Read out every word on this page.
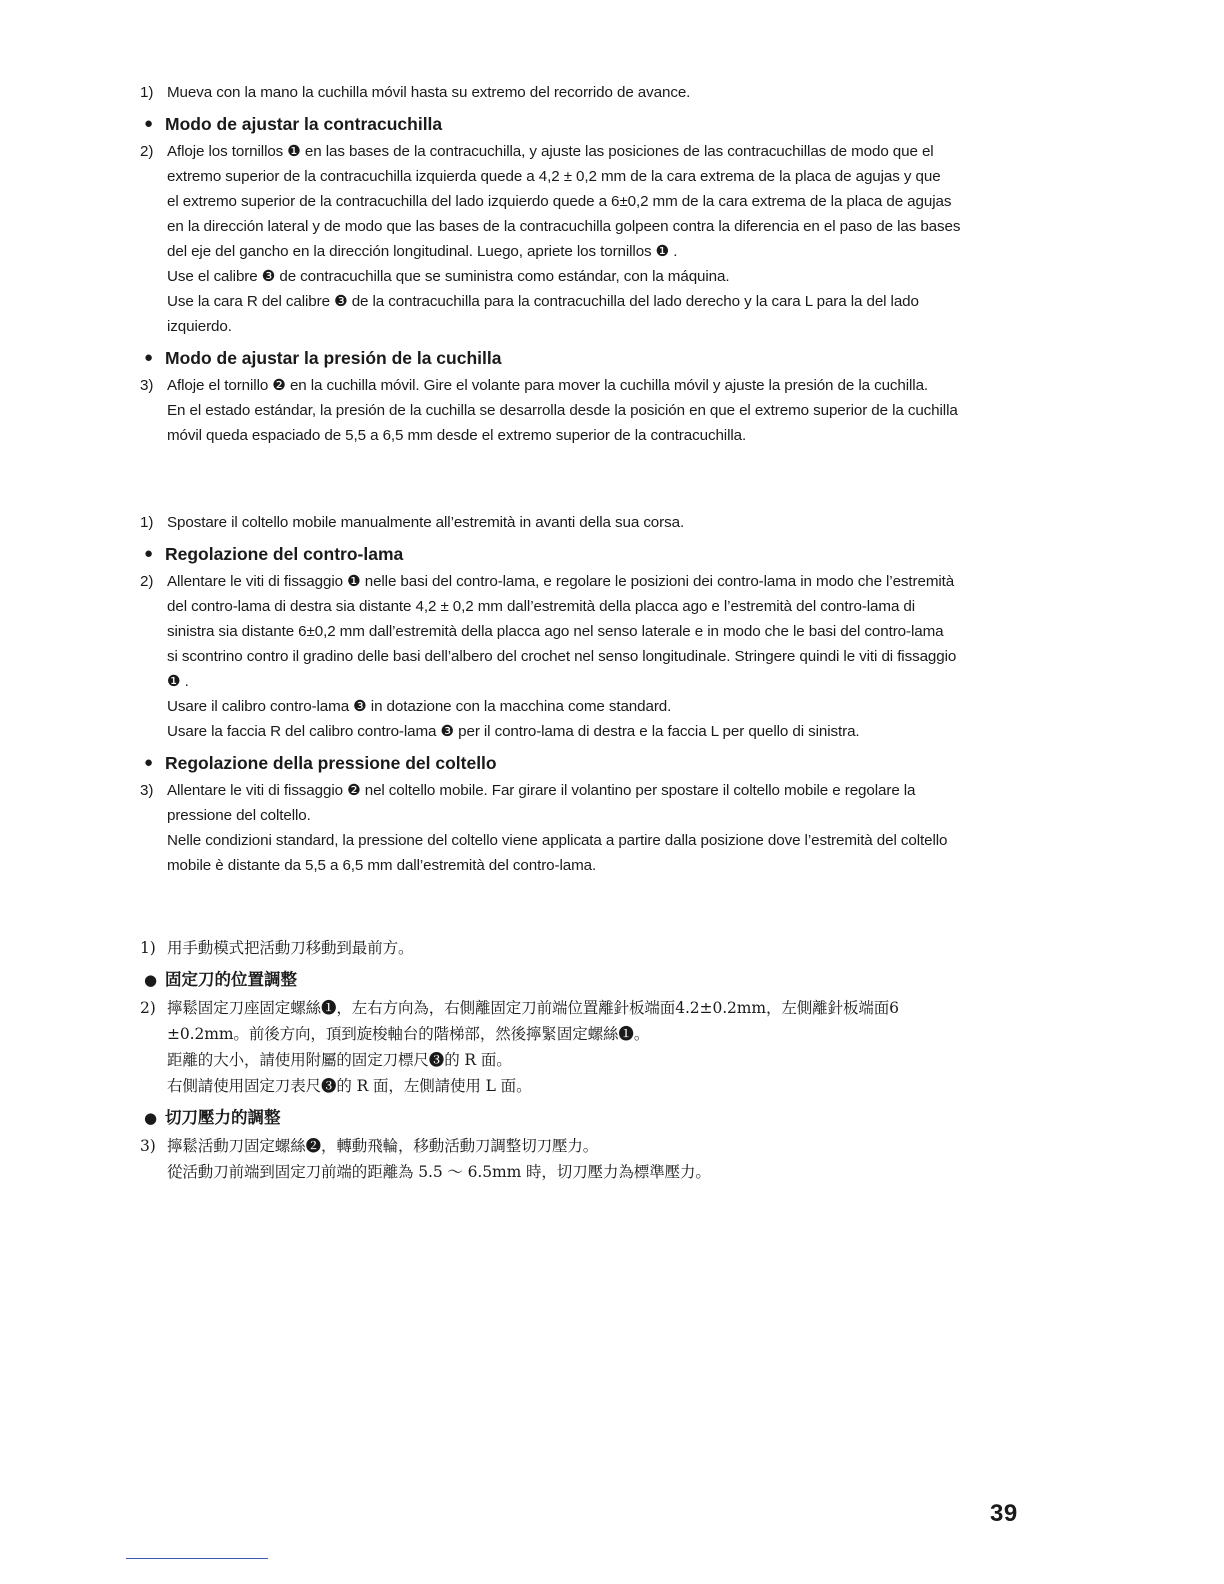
1) Mueva con la mano la cuchilla móvil hasta su extremo del recorrido de avance.
● Modo de ajustar la contracuchilla
2) Afloje los tornillos ❶ en las bases de la contracuchilla, y ajuste las posiciones de las contracuchillas de modo que el
extremo superior de la contracuchilla izquierda quede a 4,2 ± 0,2 mm de la cara extrema de la placa de agujas y que
el extremo superior de la contracuchilla del lado izquierdo quede a 6±0,2 mm de la cara extrema de la placa de agujas
en la dirección lateral y de modo que las bases de la contracuchilla golpeen contra la diferencia en el paso de las bases
del eje del gancho en la dirección longitudinal. Luego, apriete los tornillos ❶ .
Use el calibre ❸ de contracuchilla que se suministra como estándar, con la máquina.
Use la cara R del calibre ❸ de la contracuchilla para la contracuchilla del lado derecho y la cara L para la del lado
izquierdo.
● Modo de ajustar la presión de la cuchilla
3) Afloje el tornillo ❷ en la cuchilla móvil. Gire el volante para mover la cuchilla móvil y ajuste la presión de la cuchilla.
En el estado estándar, la presión de la cuchilla se desarrolla desde la posición en que el extremo superior de la cuchilla
móvil queda espaciado de 5,5 a 6,5 mm desde el extremo superior de la contracuchilla.
1) Spostare il coltello mobile manualmente all’estremità in avanti della sua corsa.
● Regolazione del contro-lama
2) Allentare le viti di fissaggio ❶ nelle basi del contro-lama, e regolare le posizioni dei contro-lama in modo che l’estremità
del contro-lama di destra sia distante 4,2 ± 0,2 mm dall’estremità della placca ago e l’estremità del contro-lama di
sinistra sia distante 6±0,2 mm dall’estremità della placca ago nel senso laterale e in modo che le basi del contro-lama
si scontrino contro il gradino delle basi dell’albero del crochet nel senso longitudinale. Stringere quindi le viti di fissaggio
❶ .
Usare il calibro contro-lama ❸ in dotazione con la macchina come standard.
Usare la faccia R del calibro contro-lama ❸ per il contro-lama di destra e la faccia L per quello di sinistra.
● Regolazione della pressione del coltello
3) Allentare le viti di fissaggio ❷ nel coltello mobile. Far girare il volantino per spostare il coltello mobile e regolare la
pressione del coltello.
Nelle condizioni standard, la pressione del coltello viene applicata a partire dalla posizione dove l’estremità del coltello
mobile è distante da 5,5 a 6,5 mm dall’estremità del contro-lama.
1) 用手動模式把活動刀移動到最前方。
● 固定刀的位置調整
2) 擰鬆固定刀座固定螺絲❶，左右方向為，右側離固定刀前端位置離針板端面4.2±0.2mm，左側離針板端面6
±0.2mm。前後方向，頂到旋梭軸台的階梯部，然後擰緊固定螺絲❶。
距離的大小，請使用附屬的固定刀標尺❸的 R 面。
右側請使用固定刀表尺❸的 R 面，左側請使用 L 面。
● 切刀壓力的調整
3) 擰鬆活動刀固定螺絲❷，轉動飛輪，移動活動刀調整切刀壓力。
從活動刀前端到固定刀前端的距離為 5.5 ～ 6.5mm 時，切刀壓力為標準壓力。
39
